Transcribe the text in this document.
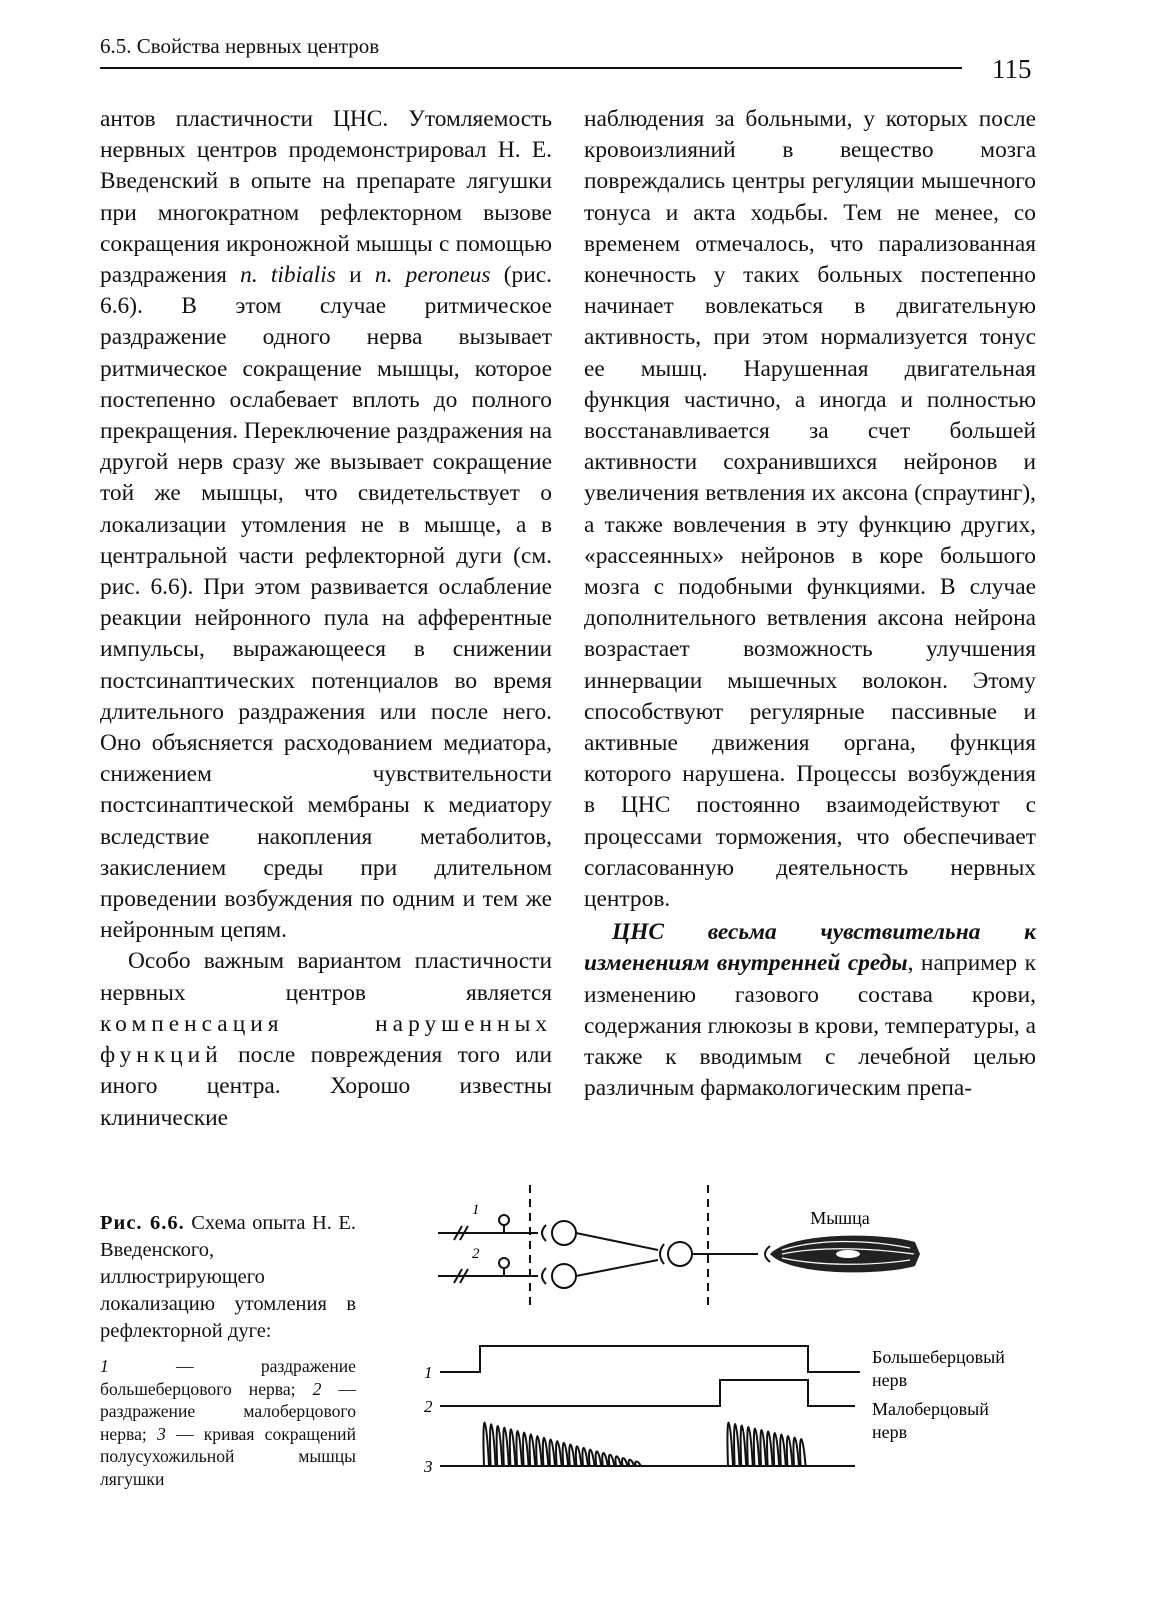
6.5. Свойства нервных центров
115

антов пластичности ЦНС. Утомляемость нервных центров продемонстрировал Н. Е. Введенский в опыте на препарате лягушки при многократном рефлекторном вызове сокращения икроножной мышцы с помощью раздражения n. tibialis и n. peroneus (рис. 6.6). В этом случае ритмическое раздражение одного нерва вызывает ритмическое сокращение мышцы, которое постепенно ослабевает вплоть до полного прекращения. Переключение раздражения на другой нерв сразу же вызывает сокращение той же мышцы, что свидетельствует о локализации утомления не в мышце, а в центральной части рефлекторной дуги (см. рис. 6.6). При этом развивается ослабление реакции нейронного пула на афферентные импульсы, выражающееся в снижении постсинаптических потенциалов во время длительного раздражения или после него. Оно объясняется расходованием медиатора, снижением чувствительности постсинаптической мембраны к медиатору вследствие накопления метаболитов, закислением среды при длительном проведении возбуждения по одним и тем же нейронным цепям.

Особо важным вариантом пластичности нервных центров является компенсация нарушенных функций после повреждения того или иного центра. Хорошо известны клинические

наблюдения за больными, у которых после кровоизлияний в вещество мозга повреждались центры регуляции мышечного тонуса и акта ходьбы. Тем не менее, со временем отмечалось, что парализованная конечность у таких больных постепенно начинает вовлекаться в двигательную активность, при этом нормализуется тонус ее мышц. Нарушенная двигательная функция частично, а иногда и полностью восстанавливается за счет большей активности сохранившихся нейронов и увеличения ветвления их аксона (спраутинг), а также вовлечения в эту функцию других, «рассеянных» нейронов в коре большого мозга с подобными функциями. В случае дополнительного ветвления аксона нейрона возрастает возможность улучшения иннервации мышечных волокон. Этому способствуют регулярные пассивные и активные движения органа, функция которого нарушена. Процессы возбуждения в ЦНС постоянно взаимодействуют с процессами торможения, что обеспечивает согласованную деятельность нервных центров.

ЦНС весьма чувствительна к изменениям внутренней среды, например к изменению газового состава крови, содержания глюкозы в крови, температуры, а также к вводимым с лечебной целью различным фармакологическим препа-

Рис. 6.6. Схема опыта Н. Е. Введенского, иллюстрирующего локализацию утомления в рефлекторной дуге:
1 — раздражение большеберцового нерва; 2 — раздражение малоберцового нерва; 3 — кривая сокращений полусухожильной мышцы лягушки
Мышца
1
2
1
2
3
Большеберцовый
нерв
Малоберцовый
нерв
